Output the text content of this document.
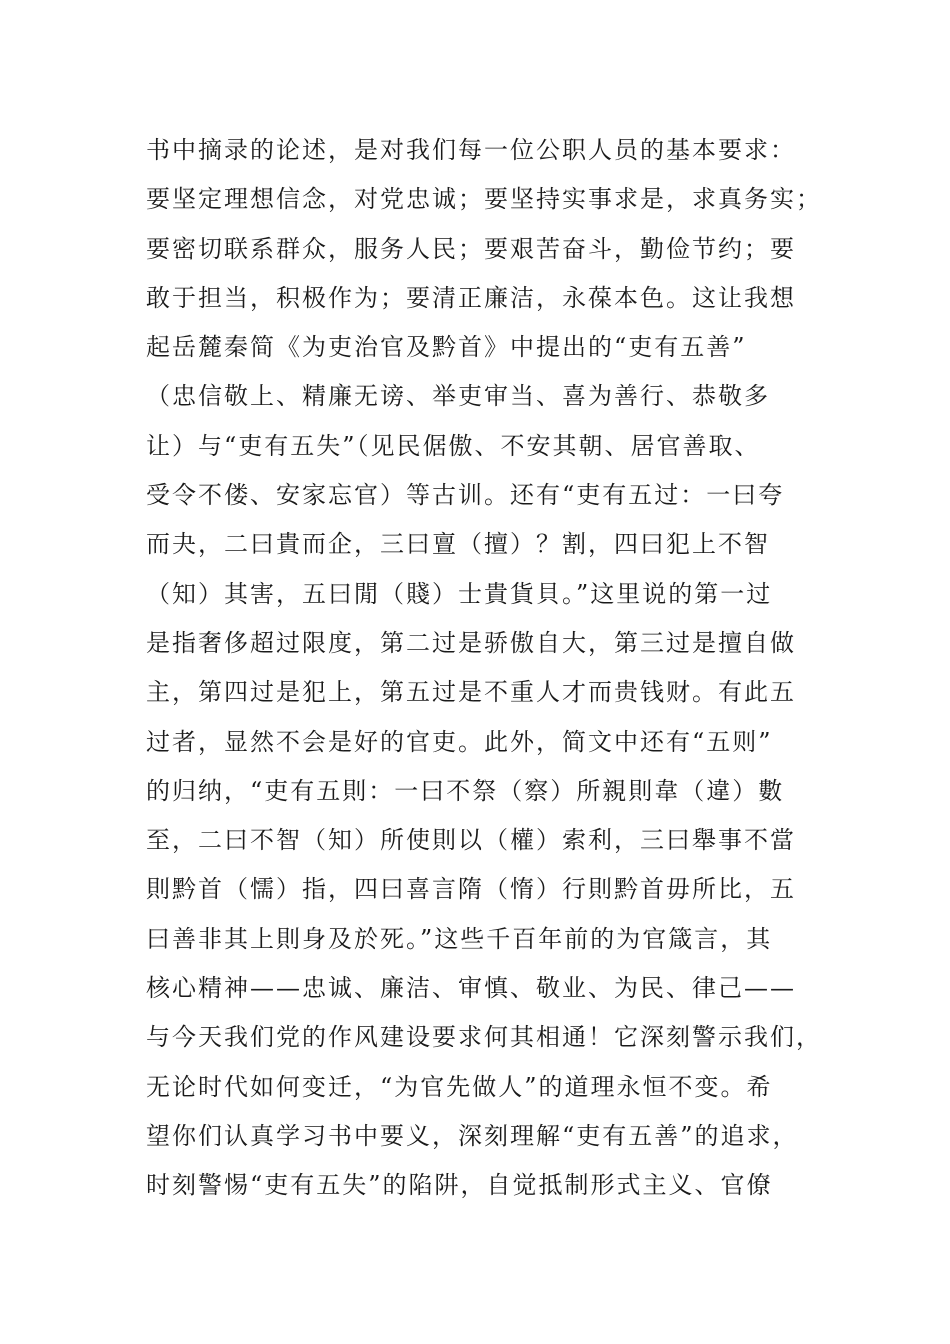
书中摘录的论述，是对我们每一位公职人员的基本要求：
要坚定理想信念，对党忠诚；要坚持实事求是，求真务实；
要密切联系群众，服务人民；要艰苦奋斗，勤俭节约；要
敢于担当，积极作为；要清正廉洁，永葆本色。这让我想
起岳麓秦简《为吏治官及黔首》中提出的“吏有五善”
（忠信敬上、精廉无谤、举吏审当、喜为善行、恭敬多
让）与“吏有五失”（见民倨傲、不安其朝、居官善取、
受令不偻、安家忘官）等古训。还有“吏有五过：一曰夸
而夬，二曰貴而企，三曰亶（擅）？割，四曰犯上不智
（知）其害，五曰閒（賤）士貴貨貝。”这里说的第一过
是指奢侈超过限度，第二过是骄傲自大，第三过是擅自做
主，第四过是犯上，第五过是不重人才而贵钱财。有此五
过者，显然不会是好的官吏。此外，简文中还有“五则”
的归纳，“吏有五則：一曰不祭（察）所親則韋（違）數
至，二曰不智（知）所使則以（權）索利，三曰舉事不當
則黔首（懦）指，四曰喜言隋（惰）行則黔首毋所比，五
曰善非其上則身及於死。”这些千百年前的为官箴言，其
核心精神——忠诚、廉洁、审慎、敬业、为民、律己——
与今天我们党的作风建设要求何其相通！它深刻警示我们，
无论时代如何变迁，“为官先做人”的道理永恒不变。希
望你们认真学习书中要义，深刻理解“吏有五善”的追求，
时刻警惕“吏有五失”的陷阱，自觉抵制形式主义、官僚
